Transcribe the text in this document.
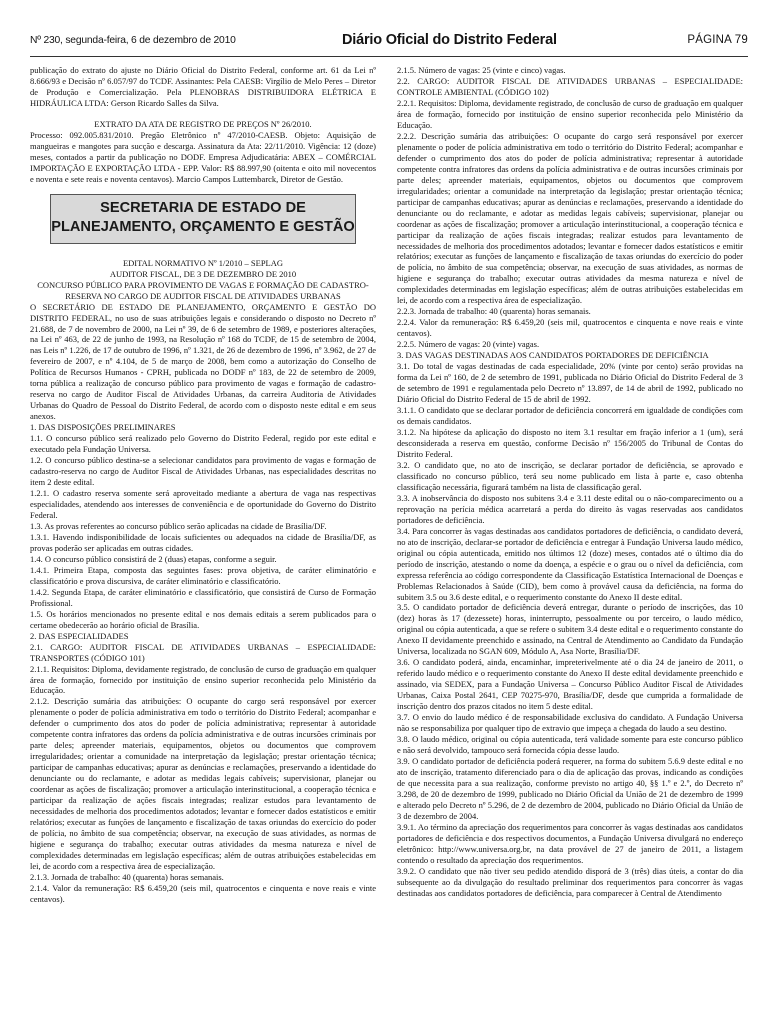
Nº 230, segunda-feira, 6 de dezembro de 2010	Diário Oficial do Distrito Federal	PÁGINA 79

publicação do extrato do ajuste no Diário Oficial do Distrito Federal, conforme art. 61 da Lei nº 8.666/93 e Decisão nº 6.057/97 do TCDF. Assinantes: Pela CAESB: Virgílio de Melo Peres – Diretor de Produção e Comercialização. Pela PLENOBRAS DISTRIBUIDORA ELÉTRICA E HIDRÁULICA LTDA: Gerson Ricardo Salles da Silva.

EXTRATO DA ATA DE REGISTRO DE PREÇOS Nº 26/2010.

Processo: 092.005.831/2010. Pregão Eletrônico nº 47/2010-CAESB. Objeto: Aquisição de mangueiras e mangotes para sucção e descarga. Assinatura da Ata: 22/11/2010. Vigência: 12 (doze) meses, contados a partir da publicação no DODF. Empresa Adjudicatária: ABEX – COMÉRCIAL IMPORTAÇÃO E EXPORTAÇÃO LTDA - EPP. Valor: R$ 88.997,90 (oitenta e oito mil novecentos e noventa e sete reais e noventa centavos). Marcio Campos Luttembarck, Diretor de Gestão.

SECRETARIA DE ESTADO DE
PLANEJAMENTO, ORÇAMENTO E GESTÃO

EDITAL NORMATIVO Nº 1/2010 – SEPLAG

AUDITOR FISCAL, DE 3 DE DEZEMBRO DE 2010

CONCURSO PÚBLICO PARA PROVIMENTO DE VAGAS E FORMAÇÃO DE CADASTRO-RESERVA NO CARGO DE AUDITOR FISCAL DE ATIVIDADES URBANAS

O SECRETÁRIO DE ESTADO DE PLANEJAMENTO, ORÇAMENTO E GESTÃO DO DISTRITO FEDERAL, no uso de suas atribuições legais e considerando o disposto no Decreto nº 21.688, de 7 de novembro de 2000, na Lei nº 39, de 6 de setembro de 1989, e posteriores alterações, na Lei nº 463, de 22 de junho de 1993, na Resolução nº 168 do TCDF, de 15 de setembro de 2004, nas Leis nº 1.226, de 17 de outubro de 1996, nº 1.321, de 26 de dezembro de 1996, nº 3.962, de 27 de fevereiro de 2007, e nº 4.104, de 5 de março de 2008, bem como a autorização do Conselho de Política de Recursos Humanos - CPRH, publicada no DODF nº 183, de 22 de setembro de 2009, torna pública a realização de concurso público para provimento de vagas e formação de cadastro-reserva no cargo de Auditor Fiscal de Atividades Urbanas, da carreira Auditoria de Atividades Urbanas do Quadro de Pessoal do Distrito Federal, de acordo com o disposto neste edital e em seus anexos.

1. DAS DISPOSIÇÕES PRELIMINARES

1.1. O concurso público será realizado pelo Governo do Distrito Federal, regido por este edital e executado pela Fundação Universa.

1.2. O concurso público destina-se a selecionar candidatos para provimento de vagas e formação de cadastro-reserva no cargo de Auditor Fiscal de Atividades Urbanas, nas especialidades descritas no item 2 deste edital.

1.2.1. O cadastro reserva somente será aproveitado mediante a abertura de vaga nas respectivas especialidades, atendendo aos interesses de conveniência e de oportunidade do Governo do Distrito Federal.

1.3. As provas referentes ao concurso público serão aplicadas na cidade de Brasília/DF.

1.3.1. Havendo indisponibilidade de locais suficientes ou adequados na cidade de Brasília/DF, as provas poderão ser aplicadas em outras cidades.

1.4. O concurso público consistirá de 2 (duas) etapas, conforme a seguir.

1.4.1. Primeira Etapa, composta das seguintes fases: prova objetiva, de caráter eliminatório e classificatório e prova discursiva, de caráter eliminatório e classificatório.

1.4.2. Segunda Etapa, de caráter eliminatório e classificatório, que consistirá de Curso de Formação Profissional.

1.5. Os horários mencionados no presente edital e nos demais editais a serem publicados para o certame obedecerão ao horário oficial de Brasília.

2. DAS ESPECIALIDADES

2.1. CARGO: AUDITOR FISCAL DE ATIVIDADES URBANAS – ESPECIALIDADE: TRANSPORTES (CÓDIGO 101)

2.1.1. Requisitos: Diploma, devidamente registrado, de conclusão de curso de graduação em qualquer área de formação, fornecido por instituição de ensino superior reconhecida pelo Ministério da Educação.

2.1.2. Descrição sumária das atribuições: O ocupante do cargo será responsável por exercer plenamente o poder de polícia administrativa em todo o território do Distrito Federal; acompanhar e defender o cumprimento dos atos do poder de polícia administrativa; representar à autoridade competente contra infratores das ordens da polícia administrativa e de outras incursões criminais por parte deles; apreender materiais, equipamentos, objetos ou documentos que comprovem irregularidades; orientar a comunidade na interpretação da legislação; prestar orientação técnica; participar de campanhas educativas; apurar as denúncias e reclamações, preservando a identidade do denunciante ou do reclamante, e adotar as medidas legais cabíveis; supervisionar, planejar ou coordenar as ações de fiscalização; promover a articulação interinstitucional, a cooperação técnica e participar da realização de ações fiscais integradas; realizar estudos para levantamento de necessidades de melhoria dos procedimentos adotados; levantar e fornecer dados estatísticos e emitir relatórios; executar as funções de lançamento e fiscalização de taxas oriundas do exercício do poder de polícia, no âmbito de sua competência; observar, na execução de suas atividades, as normas de higiene e segurança do trabalho; executar outras atividades da mesma natureza e nível de complexidades determinadas em legislação específicas; além de outras atribuições estabelecidas em lei, de acordo com a respectiva área de especialização.

2.1.3. Jornada de trabalho: 40 (quarenta) horas semanais.

2.1.4. Valor da remuneração: R$ 6.459,20 (seis mil, quatrocentos e cinquenta e nove reais e vinte centavos).

2.1.5. Número de vagas: 25 (vinte e cinco) vagas.

2.2. CARGO: AUDITOR FISCAL DE ATIVIDADES URBANAS – ESPECIALIDADE: CONTROLE AMBIENTAL (CÓDIGO 102)

2.2.1. Requisitos: Diploma, devidamente registrado, de conclusão de curso de graduação em qualquer área de formação, fornecido por instituição de ensino superior reconhecida pelo Ministério da Educação.

2.2.2. Descrição sumária das atribuições: O ocupante do cargo será responsável por exercer plenamente o poder de polícia administrativa em todo o território do Distrito Federal; acompanhar e defender o cumprimento dos atos do poder de polícia administrativa; representar à autoridade competente contra infratores das ordens da polícia administrativa e de outras incursões criminais por parte deles; apreender materiais, equipamentos, objetos ou documentos que comprovem irregularidades; orientar a comunidade na interpretação da legislação; prestar orientação técnica; participar de campanhas educativas; apurar as denúncias e reclamações, preservando a identidade do denunciante ou do reclamante, e adotar as medidas legais cabíveis; supervisionar, planejar ou coordenar as ações de fiscalização; promover a articulação interinstitucional, a cooperação técnica e participar da realização de ações fiscais integradas; realizar estudos para levantamento de necessidades de melhoria dos procedimentos adotados; levantar e fornecer dados estatísticos e emitir relatórios; executar as funções de lançamento e fiscalização de taxas oriundas do exercício do poder de polícia, no âmbito de sua competência; observar, na execução de suas atividades, as normas de higiene e segurança do trabalho; executar outras atividades da mesma natureza e nível de complexidades determinadas em legislação específicas; além de outras atribuições estabelecidas em lei, de acordo com a respectiva área de especialização.

2.2.3. Jornada de trabalho: 40 (quarenta) horas semanais.

2.2.4. Valor da remuneração: R$ 6.459,20 (seis mil, quatrocentos e cinquenta e nove reais e vinte centavos).

2.2.5. Número de vagas: 20 (vinte) vagas.

3. DAS VAGAS DESTINADAS AOS CANDIDATOS PORTADORES DE DEFICIÊNCIA

3.1. Do total de vagas destinadas de cada especialidade, 20% (vinte por cento) serão providas na forma da Lei nº 160, de 2 de setembro de 1991, publicada no Diário Oficial do Distrito Federal de 3 de setembro de 1991 e regulamentada pelo Decreto nº 13.897, de 14 de abril de 1992, publicado no Diário Oficial do Distrito Federal de 15 de abril de 1992.

3.1.1. O candidato que se declarar portador de deficiência concorrerá em igualdade de condições com os demais candidatos.

3.1.2. Na hipótese da aplicação do disposto no item 3.1 resultar em fração inferior a 1 (um), será desconsiderada a reserva em questão, conforme Decisão nº 156/2005 do Tribunal de Contas do Distrito Federal.

3.2. O candidato que, no ato de inscrição, se declarar portador de deficiência, se aprovado e classificado no concurso público, terá seu nome publicado em lista à parte e, caso obtenha classificação necessária, figurará também na lista de classificação geral.

3.3. A inobservância do disposto nos subitens 3.4 e 3.11 deste edital ou o não-comparecimento ou a reprovação na perícia médica acarretará a perda do direito às vagas reservadas aos candidatos portadores de deficiência.

3.4. Para concorrer às vagas destinadas aos candidatos portadores de deficiência, o candidato deverá, no ato de inscrição, declarar-se portador de deficiência e entregar à Fundação Universa laudo médico, original ou cópia autenticada, emitido nos últimos 12 (doze) meses, contados até o último dia do período de inscrição, atestando o nome da doença, a espécie e o grau ou o nível da deficiência, com expressa referência ao código correspondente da Classificação Estatística Internacional de Doenças e Problemas Relacionados à Saúde (CID), bem como à provável causa da deficiência, na forma do subitem 3.5 ou 3.6 deste edital, e o requerimento constante do Anexo II deste edital.

3.5. O candidato portador de deficiência deverá entregar, durante o período de inscrições, das 10 (dez) horas às 17 (dezessete) horas, ininterrupto, pessoalmente ou por terceiro, o laudo médico, original ou cópia autenticada, a que se refere o subitem 3.4 deste edital e o requerimento constante do Anexo II devidamente preenchido e assinado, na Central de Atendimento ao Candidato da Fundação Universa, localizada no SGAN 609, Módulo A, Asa Norte, Brasília/DF.

3.6. O candidato poderá, ainda, encaminhar, impreterivelmente até o dia 24 de janeiro de 2011, o referido laudo médico e o requerimento constante do Anexo II deste edital devidamente preenchido e assinado, via SEDEX, para a Fundação Universa – Concurso Público Auditor Fiscal de Atividades Urbanas, Caixa Postal 2641, CEP 70275-970, Brasília/DF, desde que cumprida a formalidade de inscrição dentro dos prazos citados no item 5 deste edital.

3.7. O envio do laudo médico é de responsabilidade exclusiva do candidato. A Fundação Universa não se responsabiliza por qualquer tipo de extravio que impeça a chegada do laudo a seu destino.

3.8. O laudo médico, original ou cópia autenticada, terá validade somente para este concurso público e não será devolvido, tampouco será fornecida cópia desse laudo.

3.9. O candidato portador de deficiência poderá requerer, na forma do subitem 5.6.9 deste edital e no ato de inscrição, tratamento diferenciado para o dia de aplicação das provas, indicando as condições de que necessita para a sua realização, conforme previsto no artigo 40, §§ 1.º e 2.º, do Decreto nº 3.298, de 20 de dezembro de 1999, publicado no Diário Oficial da União de 21 de dezembro de 1999 e alterado pelo Decreto nº 5.296, de 2 de dezembro de 2004, publicado no Diário Oficial da União de 3 de dezembro de 2004.

3.9.1. Ao término da apreciação dos requerimentos para concorrer às vagas destinadas aos candidatos portadores de deficiência e dos respectivos documentos, a Fundação Universa divulgará no endereço eletrônico: http://www.universa.org.br, na data provável de 27 de janeiro de 2011, a listagem contendo o resultado da apreciação dos requerimentos.

3.9.2. O candidato que não tiver seu pedido atendido disporá de 3 (três) dias úteis, a contar do dia subsequente ao da divulgação do resultado preliminar dos requerimentos para concorrer às vagas destinadas aos candidatos portadores de deficiência, para comparecer à Central de Atendimento
